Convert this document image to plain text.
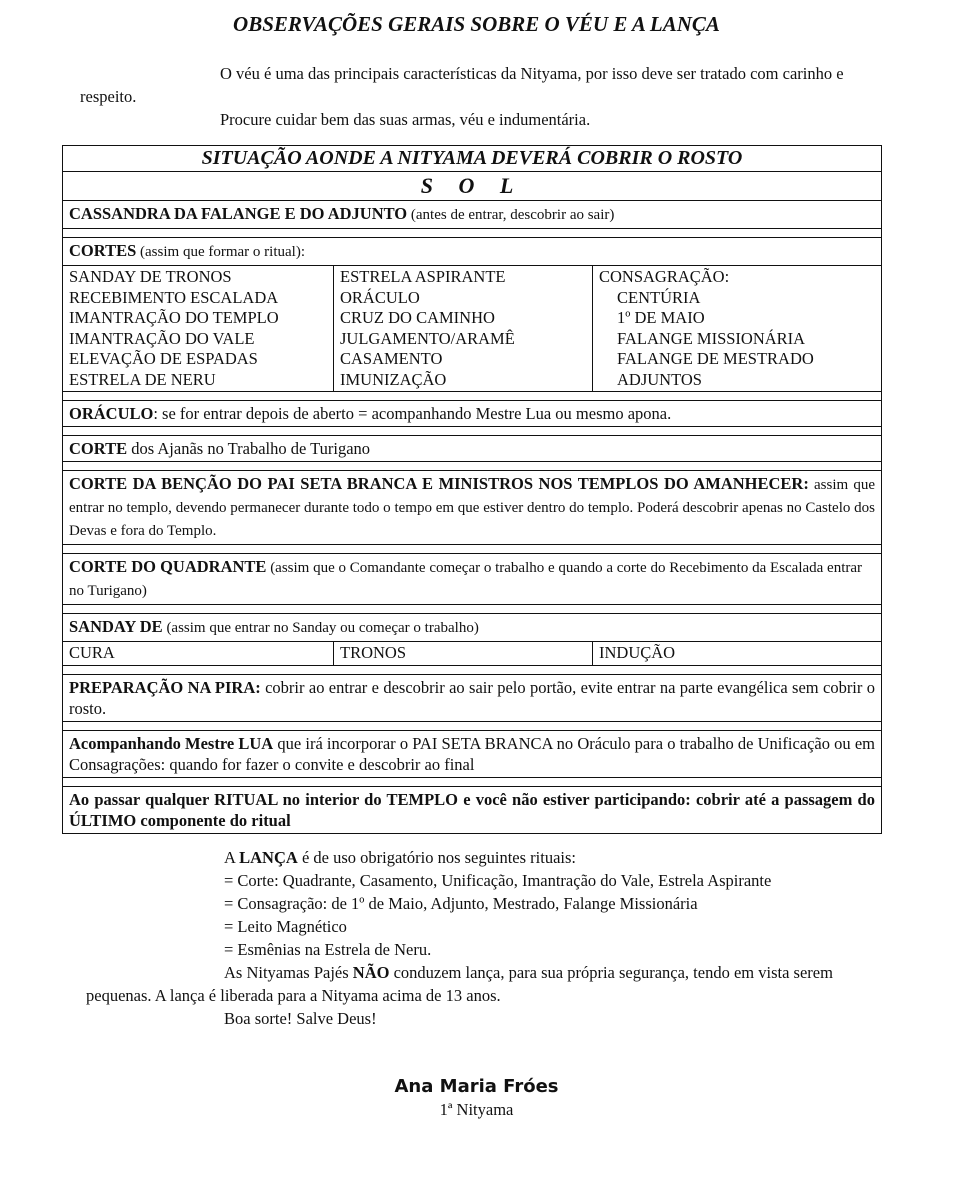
OBSERVAÇÕES GERAIS SOBRE O VÉU E A LANÇA

O véu é uma das principais características da Nityama, por isso deve ser tratado com carinho e respeito.

Procure cuidar bem das suas armas, véu e indumentária.

SITUAÇÃO AONDE A NITYAMA DEVERÁ COBRIR O ROSTO
S O L
CASSANDRA DA FALANGE E DO ADJUNTO (antes de entrar, descobrir ao sair)
CORTES (assim que formar o ritual):
SANDAY DE TRONOS
RECEBIMENTO ESCALADA
IMANTRAÇÃO DO TEMPLO
IMANTRAÇÃO DO VALE
ELEVAÇÃO DE ESPADAS
ESTRELA DE NERU
ESTRELA ASPIRANTE
ORÁCULO
CRUZ DO CAMINHO
JULGAMENTO/ARAMÊ
CASAMENTO
IMUNIZAÇÃO
CONSAGRAÇÃO:
CENTÚRIA
1º DE MAIO
FALANGE MISSIONÁRIA
FALANGE DE MESTRADO
ADJUNTOS
ORÁCULO: se for entrar depois de aberto = acompanhando Mestre Lua ou mesmo apona.
CORTE dos Ajanãs no Trabalho de Turigano
CORTE DA BENÇÃO DO PAI SETA BRANCA E MINISTROS NOS TEMPLOS DO AMANHECER: assim que entrar no templo, devendo permanecer durante todo o tempo em que estiver dentro do templo. Poderá descobrir apenas no Castelo dos Devas e fora do Templo.
CORTE DO QUADRANTE (assim que o Comandante começar o trabalho e quando a corte do Recebimento da Escalada entrar no Turigano)
SANDAY DE (assim que entrar no Sanday ou começar o trabalho)
CURA	TRONOS	INDUÇÃO
PREPARAÇÃO NA PIRA: cobrir ao entrar e descobrir ao sair pelo portão, evite entrar na parte evangélica sem cobrir o rosto.
Acompanhando Mestre LUA que irá incorporar o PAI SETA BRANCA no Oráculo para o trabalho de Unificação ou em Consagrações: quando for fazer o convite e descobrir ao final
Ao passar qualquer RITUAL no interior do TEMPLO e você não estiver participando: cobrir até a passagem do ÚLTIMO componente do ritual

A LANÇA é de uso obrigatório nos seguintes rituais:

= Corte: Quadrante, Casamento, Unificação, Imantração do Vale, Estrela Aspirante

= Consagração: de 1º de Maio, Adjunto, Mestrado, Falange Missionária

= Leito Magnético

= Esmênias na Estrela de Neru.

As Nityamas Pajés NÃO conduzem lança, para sua própria segurança, tendo em vista serem pequenas. A lança é liberada para a Nityama acima de 13 anos.

Boa sorte! Salve Deus!

Ana Maria Fróes
1ª Nityama
